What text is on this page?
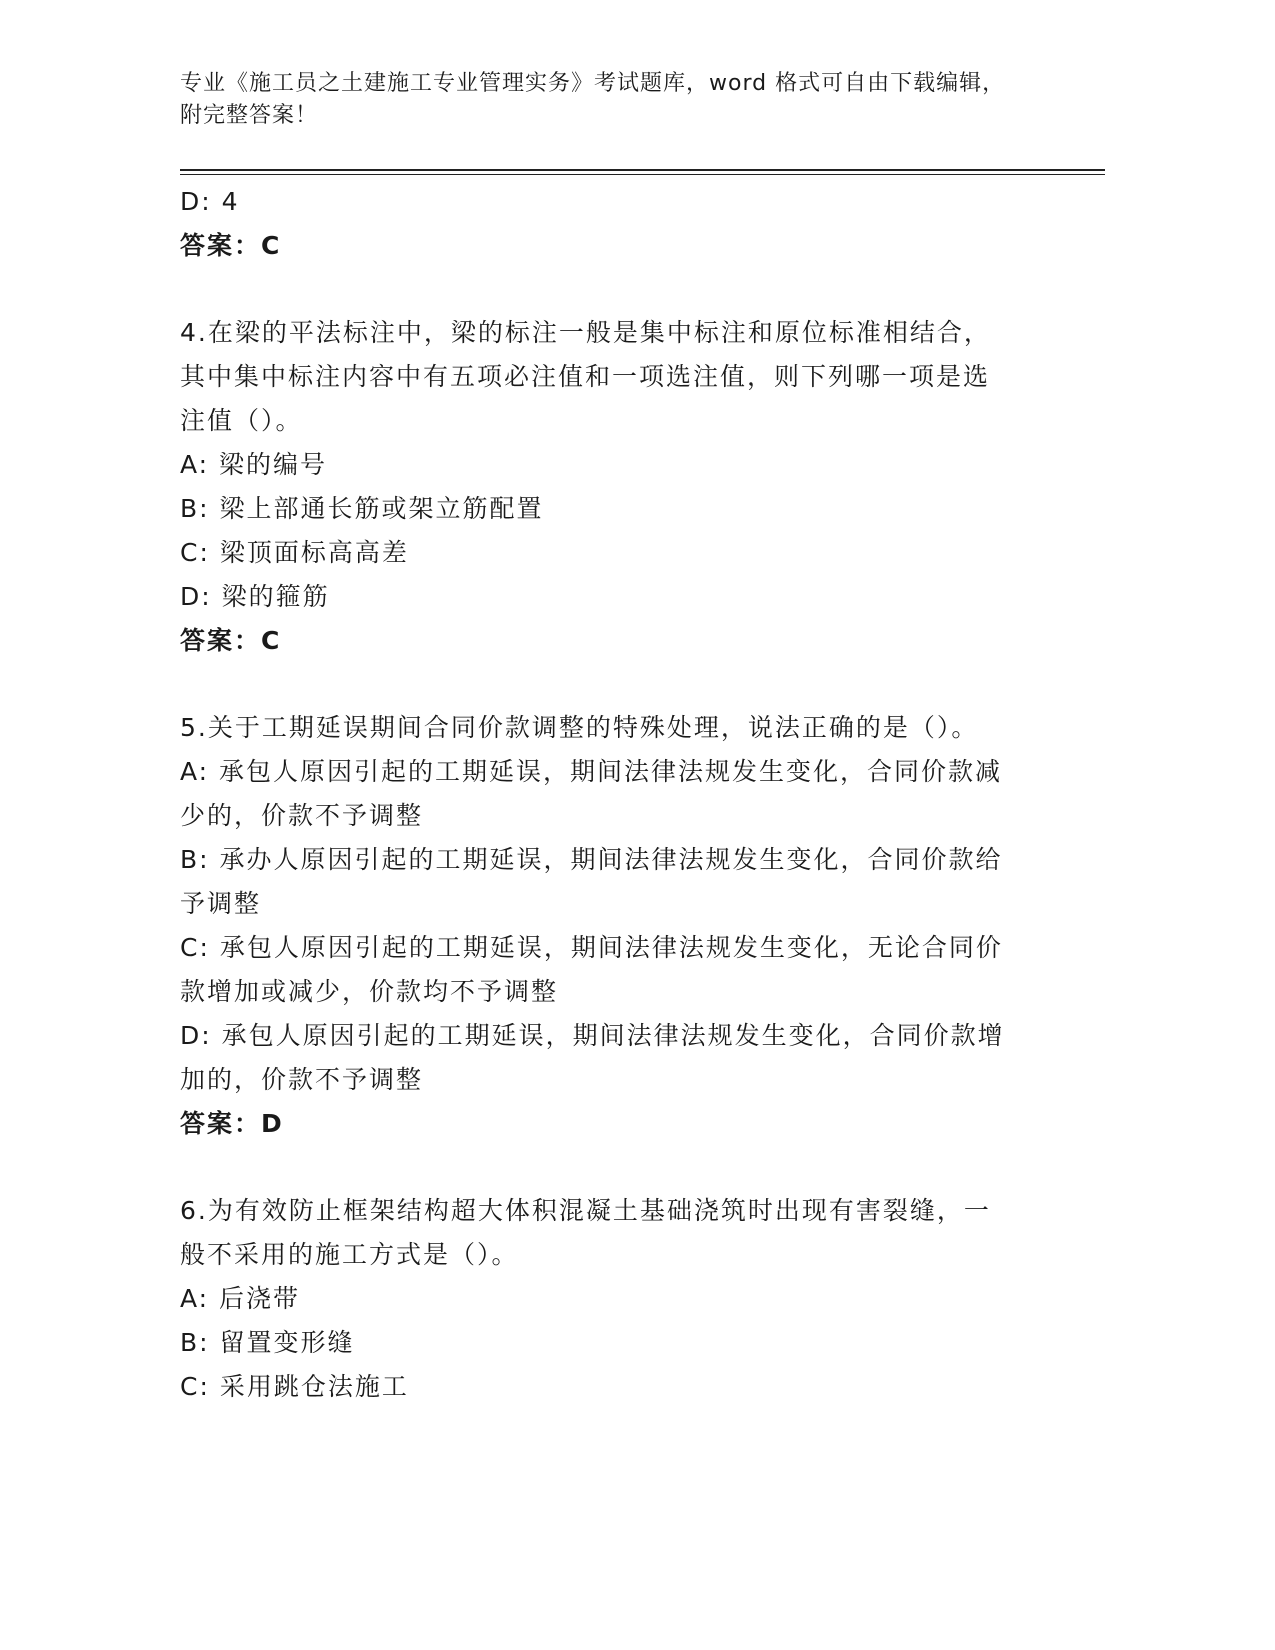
专业《施工员之土建施工专业管理实务》考试题库，word 格式可自由下载编辑，
附完整答案！
D: 4
答案：C
4.在梁的平法标注中，梁的标注一般是集中标注和原位标准相结合，
其中集中标注内容中有五项必注值和一项选注值，则下列哪一项是选
注值（）。
A: 梁的编号
B: 梁上部通长筋或架立筋配置
C: 梁顶面标高高差
D: 梁的箍筋
答案：C
5.关于工期延误期间合同价款调整的特殊处理，说法正确的是（）。
A: 承包人原因引起的工期延误，期间法律法规发生变化，合同价款减
少的，价款不予调整
B: 承办人原因引起的工期延误，期间法律法规发生变化，合同价款给
予调整
C: 承包人原因引起的工期延误，期间法律法规发生变化，无论合同价
款增加或减少，价款均不予调整
D: 承包人原因引起的工期延误，期间法律法规发生变化，合同价款增
加的，价款不予调整
答案：D
6.为有效防止框架结构超大体积混凝土基础浇筑时出现有害裂缝，一
般不采用的施工方式是（）。
A: 后浇带
B: 留置变形缝
C: 采用跳仓法施工
